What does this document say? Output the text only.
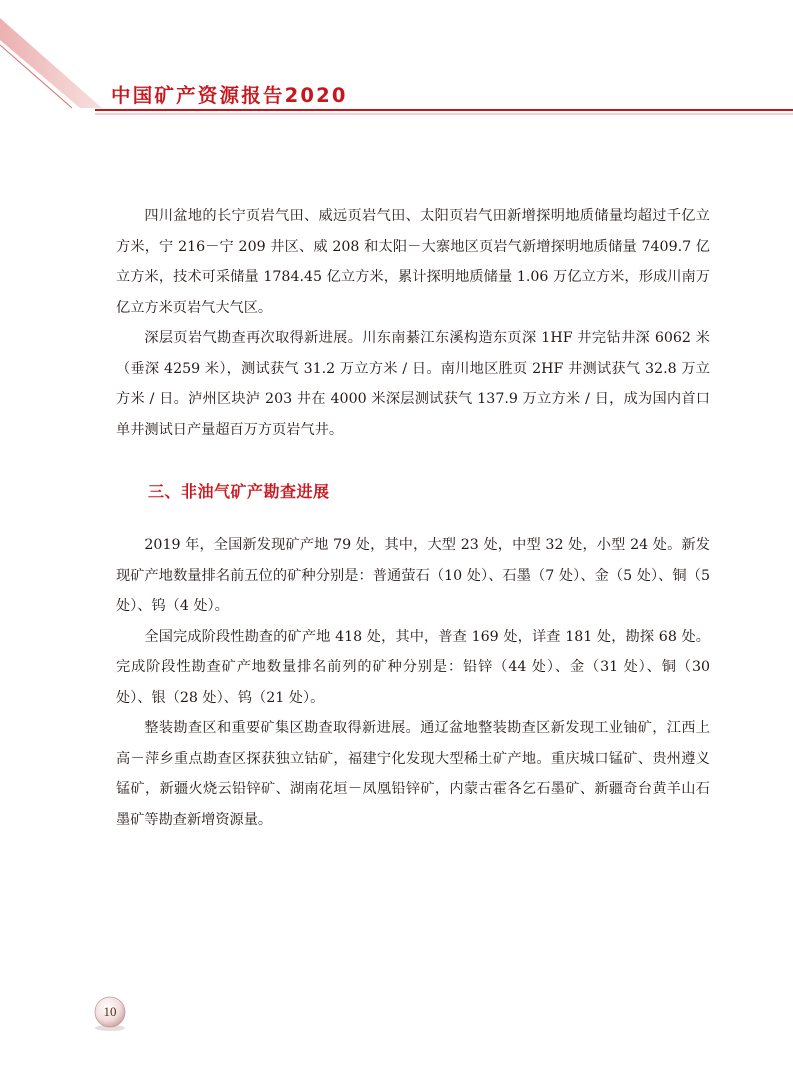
中国矿产资源报告2020

四川盆地的长宁页岩气田、威远页岩气田、太阳页岩气田新增探明地质储量均超过千亿立方米，宁 216－宁 209 井区、威 208 和太阳－大寨地区页岩气新增探明地质储量 7409.7 亿立方米，技术可采储量 1784.45 亿立方米，累计探明地质储量 1.06 万亿立方米，形成川南万亿立方米页岩气大气区。

深层页岩气勘查再次取得新进展。川东南綦江东溪构造东页深 1HF 井完钻井深 6062 米（垂深 4259 米），测试获气 31.2 万立方米 / 日。南川地区胜页 2HF 井测试获气 32.8 万立方米 / 日。泸州区块泸 203 井在 4000 米深层测试获气 137.9 万立方米 / 日，成为国内首口单井测试日产量超百万方页岩气井。

三、非油气矿产勘查进展

2019 年，全国新发现矿产地 79 处，其中，大型 23 处，中型 32 处，小型 24 处。新发现矿产地数量排名前五位的矿种分别是：普通萤石（10 处）、石墨（7 处）、金（5 处）、铜（5 处）、钨（4 处）。

全国完成阶段性勘查的矿产地 418 处，其中，普查 169 处，详查 181 处，勘探 68 处。完成阶段性勘查矿产地数量排名前列的矿种分别是：铅锌（44 处）、金（31 处）、铜（30 处）、银（28 处）、钨（21 处）。

整装勘查区和重要矿集区勘查取得新进展。通辽盆地整装勘查区新发现工业铀矿，江西上高－萍乡重点勘查区探获独立钴矿，福建宁化发现大型稀土矿产地。重庆城口锰矿、贵州遵义锰矿，新疆火烧云铅锌矿、湖南花垣－凤凰铅锌矿，内蒙古霍各乞石墨矿、新疆奇台黄羊山石墨矿等勘查新增资源量。

10
